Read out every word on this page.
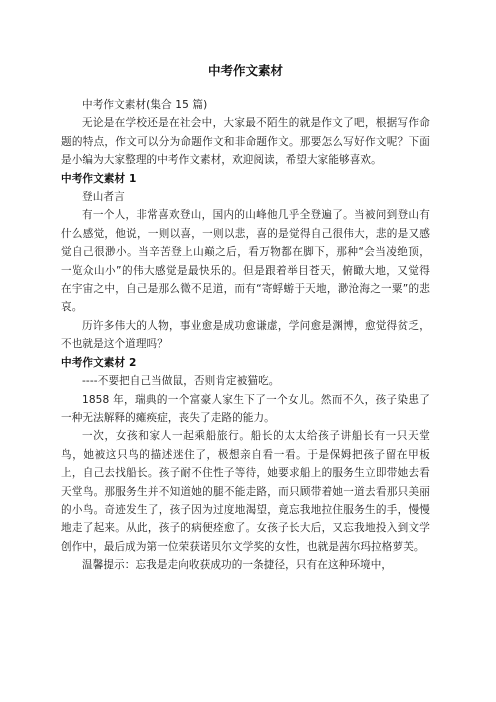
中考作文素材

中考作文素材(集合 15 篇)

无论是在学校还是在社会中，大家最不陌生的就是作文了吧，根据写作命题的特点，作文可以分为命题作文和非命题作文。那要怎么写好作文呢？下面是小编为大家整理的中考作文素材，欢迎阅读，希望大家能够喜欢。

中考作文素材 1

登山者言

有一个人，非常喜欢登山，国内的山峰他几乎全登遍了。当被问到登山有什么感觉，他说，一则以喜，一则以悲，喜的是觉得自己很伟大，悲的是又感觉自己很渺小。当辛苦登上山巅之后，看万物都在脚下，那种“会当凌绝顶，一览众山小”的伟大感觉是最快乐的。但是跟着举目苍天，俯瞰大地，又觉得在宇宙之中，自己是那么微不足道，而有“寄蜉蝣于天地，渺沧海之一粟”的悲哀。

历许多伟大的人物，事业愈是成功愈谦虚，学问愈是渊博，愈觉得贫乏，不也就是这个道理吗？

中考作文素材 2

----不要把自己当做鼠，否则肯定被猫吃。

1858 年，瑞典的一个富豪人家生下了一个女儿。然而不久，孩子染患了一种无法解释的瘫痪症，丧失了走路的能力。

一次，女孩和家人一起乘船旅行。船长的太太给孩子讲船长有一只天堂鸟，她被这只鸟的描述迷住了，极想亲自看一看。于是保姆把孩子留在甲板上，自己去找船长。孩子耐不住性子等待，她要求船上的服务生立即带她去看天堂鸟。那服务生并不知道她的腿不能走路，而只顾带着她一道去看那只美丽的小鸟。奇迹发生了，孩子因为过度地渴望，竟忘我地拉住服务生的手，慢慢地走了起来。从此，孩子的病便痊愈了。女孩子长大后，又忘我地投入到文学创作中，最后成为第一位荣获诺贝尔文学奖的女性，也就是茜尔玛拉格萝芙。

温馨提示：忘我是走向收获成功的一条捷径，只有在这种环境中，
